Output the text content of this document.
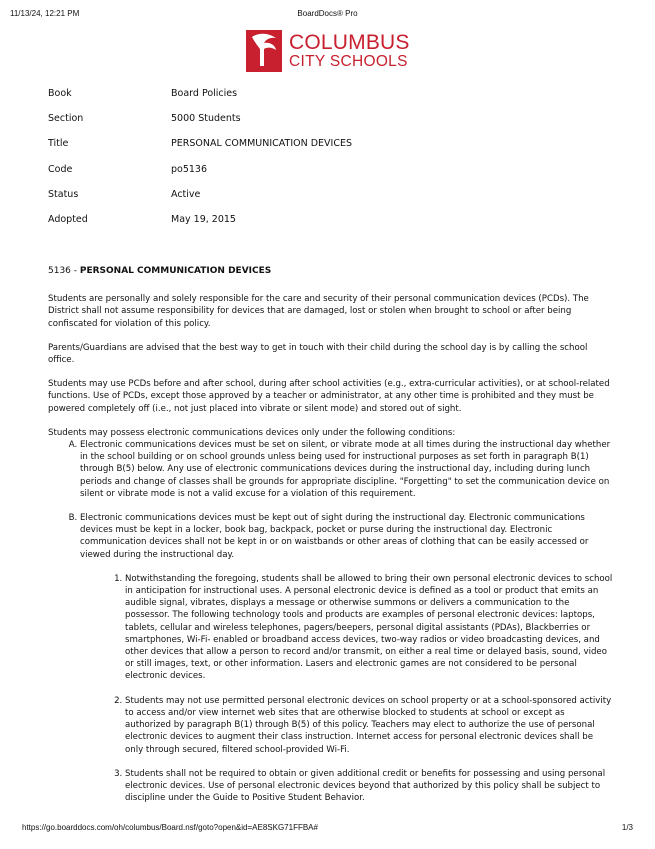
11/13/24, 12:21 PM	BoardDocs® Pro
COLUMBUS
CITY SCHOOLS
Book	Board Policies
Section	5000 Students
Title	PERSONAL COMMUNICATION DEVICES
Code	po5136
Status	Active
Adopted	May 19, 2015
5136 - PERSONAL COMMUNICATION DEVICES

Students are personally and solely responsible for the care and security of their personal communication devices (PCDs). The District shall not assume responsibility for devices that are damaged, lost or stolen when brought to school or after being confiscated for violation of this policy.

Parents/Guardians are advised that the best way to get in touch with their child during the school day is by calling the school office.

Students may use PCDs before and after school, during after school activities (e.g., extra-curricular activities), or at school-related functions. Use of PCDs, except those approved by a teacher or administrator, at any other time is prohibited and they must be powered completely off (i.e., not just placed into vibrate or silent mode) and stored out of sight.

Students may possess electronic communications devices only under the following conditions:

A. Electronic communications devices must be set on silent, or vibrate mode at all times during the instructional day whether in the school building or on school grounds unless being used for instructional purposes as set forth in paragraph B(1) through B(5) below. Any use of electronic communications devices during the instructional day, including during lunch periods and change of classes shall be grounds for appropriate discipline. "Forgetting" to set the communication device on silent or vibrate mode is not a valid excuse for a violation of this requirement.
B. Electronic communications devices must be kept out of sight during the instructional day. Electronic communications devices must be kept in a locker, book bag, backpack, pocket or purse during the instructional day. Electronic communication devices shall not be kept in or on waistbands or other areas of clothing that can be easily accessed or viewed during the instructional day.
1. Notwithstanding the foregoing, students shall be allowed to bring their own personal electronic devices to school in anticipation for instructional uses. A personal electronic device is defined as a tool or product that emits an audible signal, vibrates, displays a message or otherwise summons or delivers a communication to the possessor. The following technology tools and products are examples of personal electronic devices: laptops, tablets, cellular and wireless telephones, pagers/beepers, personal digital assistants (PDAs), Blackberries or smartphones, Wi-Fi- enabled or broadband access devices, two-way radios or video broadcasting devices, and other devices that allow a person to record and/or transmit, on either a real time or delayed basis, sound, video or still images, text, or other information. Lasers and electronic games are not considered to be personal electronic devices.
2. Students may not use permitted personal electronic devices on school property or at a school-sponsored activity to access and/or view internet web sites that are otherwise blocked to students at school or except as authorized by paragraph B(1) through B(5) of this policy. Teachers may elect to authorize the use of personal electronic devices to augment their class instruction. Internet access for personal electronic devices shall be only through secured, filtered school-provided Wi-Fi.
3. Students shall not be required to obtain or given additional credit or benefits for possessing and using personal electronic devices. Use of personal electronic devices beyond that authorized by this policy shall be subject to discipline under the Guide to Positive Student Behavior.
https://go.boarddocs.com/oh/columbus/Board.nsf/goto?open&id=AE8SKG71FFBA#	1/3
